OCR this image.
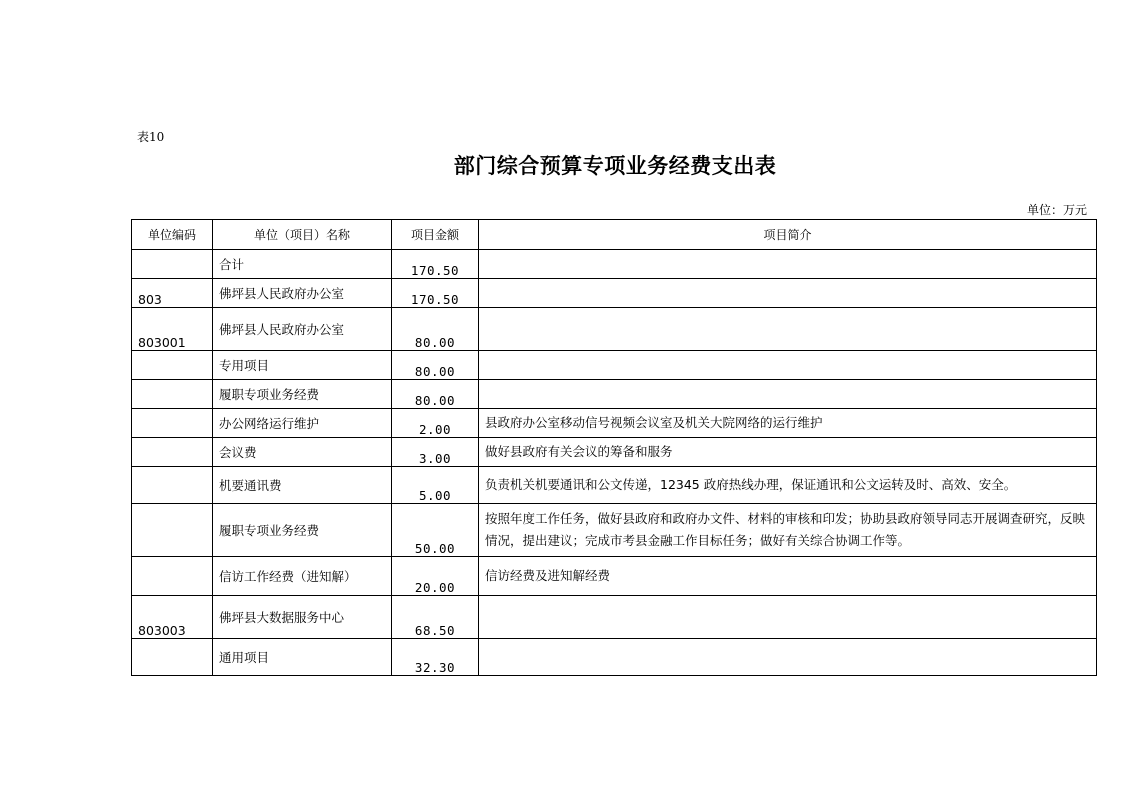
表10
部门综合预算专项业务经费支出表
单位：万元
单位编码	单位（项目）名称	项目金额	项目简介
	合计	170.50	
803	佛坪县人民政府办公室	170.50	
803001	佛坪县人民政府办公室	80.00	
	专用项目	80.00	
	履职专项业务经费	80.00	
	办公网络运行维护	2.00	县政府办公室移动信号视频会议室及机关大院网络的运行维护
	会议费	3.00	做好县政府有关会议的筹备和服务
	机要通讯费	5.00	负责机关机要通讯和公文传递，12345 政府热线办理，保证通讯和公文运转及时、高效、安全。
	履职专项业务经费	50.00	按照年度工作任务，做好县政府和政府办文件、材料的审核和印发；协助县政府领导同志开展调查研究，反映情况，提出建议；完成市考县金融工作目标任务；做好有关综合协调工作等。
	信访工作经费（进知解）	20.00	信访经费及进知解经费
803003	佛坪县大数据服务中心	68.50	
	通用项目	32.30	
